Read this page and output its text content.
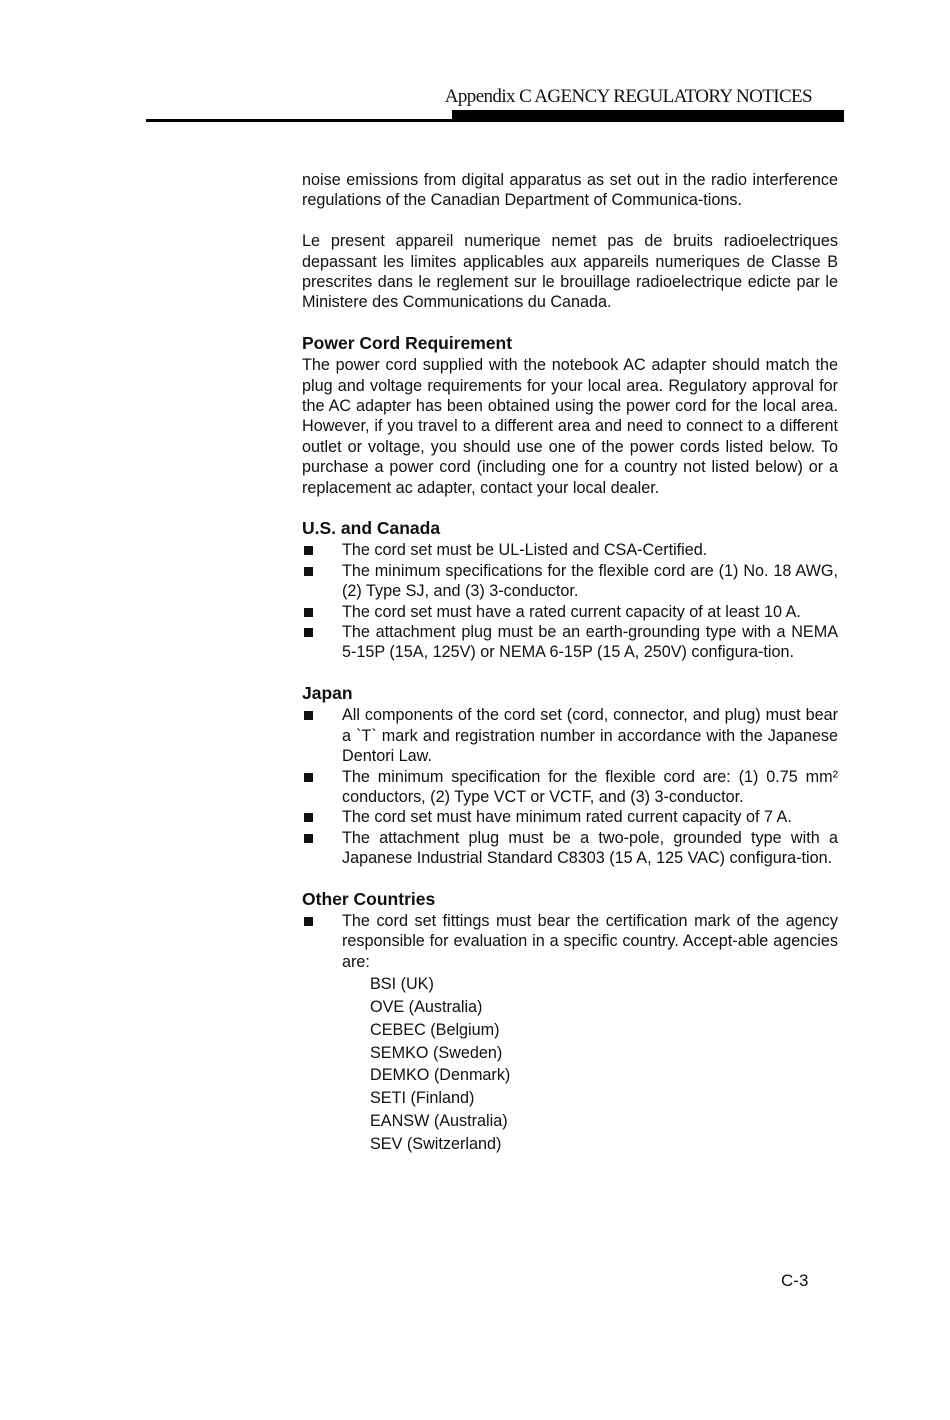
Appendix C AGENCY REGULATORY NOTICES

noise emissions from digital apparatus as set out in the radio interference regulations of the Canadian Department of Communica-tions.

Le present appareil numerique nemet pas de bruits radioelectriques depassant les limites applicables aux appareils numeriques de Classe B prescrites dans le reglement sur le brouillage radioelectrique edicte par le Ministere des Communications du Canada.

Power Cord Requirement

The power cord supplied with the notebook AC adapter should match the plug and voltage requirements for your local area. Regulatory approval for the AC adapter has been obtained using the power cord for the local area. However, if you travel to a different area and need to connect to a different outlet or voltage, you should use one of the power cords listed below. To purchase a power cord (including one for a country not listed below) or a replacement ac adapter, contact your local dealer.

U.S. and Canada
The cord set must be UL-Listed and CSA-Certified.
The minimum specifications for the flexible cord are (1) No. 18 AWG, (2) Type SJ, and (3) 3-conductor.
The cord set must have a rated current capacity of at least 10 A.
The attachment plug must be an earth-grounding type with a NEMA 5-15P (15A, 125V) or NEMA 6-15P (15 A, 250V) configura-tion.
Japan
All components of the cord set (cord, connector, and plug) must bear a `T` mark and registration number in accordance with the Japanese Dentori Law.
The minimum specification for the flexible cord are: (1) 0.75 mm² conductors, (2) Type VCT or VCTF, and (3) 3-conductor.
The cord set must have minimum rated current capacity of 7 A.
The attachment plug must be a two-pole, grounded type with a Japanese Industrial Standard C8303 (15 A, 125 VAC) configura-tion.
Other Countries
The cord set fittings must bear the certification mark of the agency responsible for evaluation in a specific country. Accept-able agencies are:
BSI (UK)
OVE (Australia)
CEBEC (Belgium)
SEMKO (Sweden)
DEMKO (Denmark)
SETI (Finland)
EANSW (Australia)
SEV (Switzerland)
C-3
